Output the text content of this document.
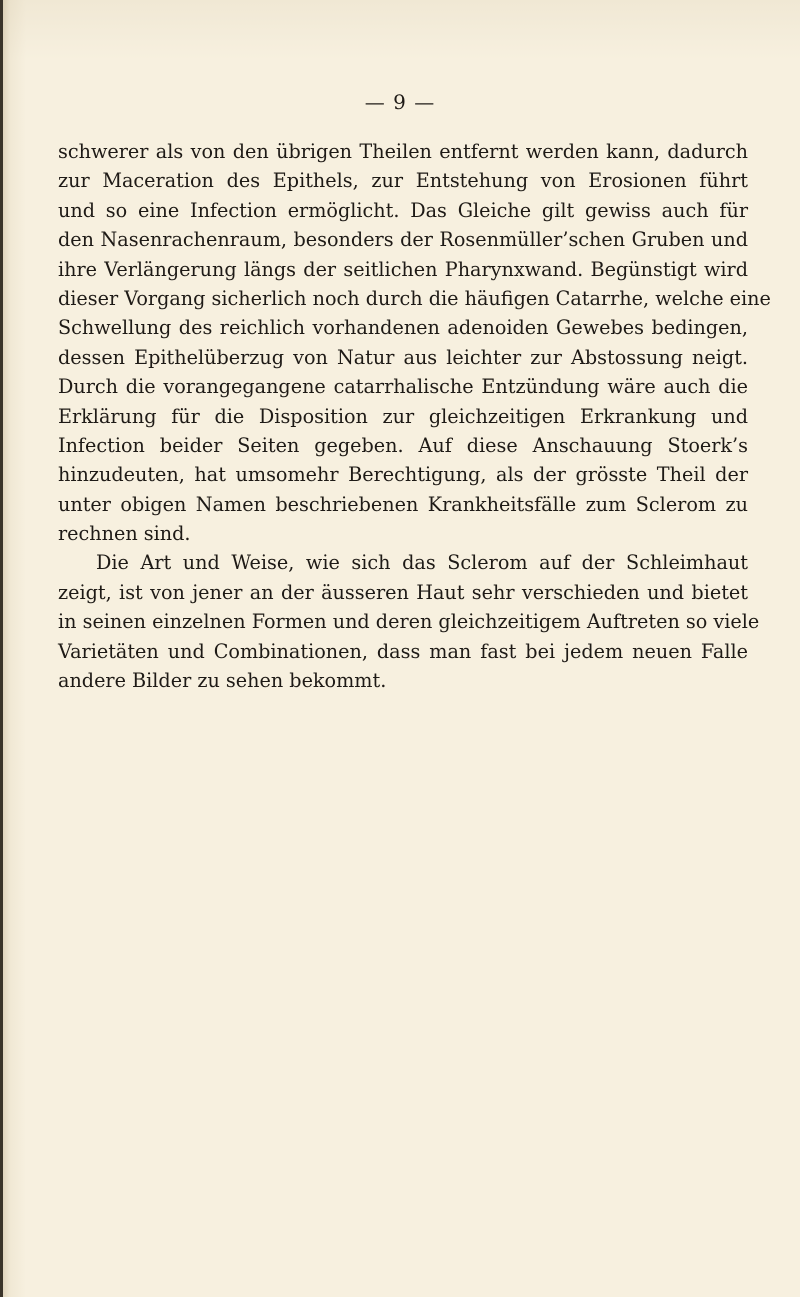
— 9 —
schwerer als von den übrigen Theilen entfernt werden kann, dadurch
zur Maceration des Epithels, zur Entstehung von Erosionen führt
und so eine Infection ermöglicht. Das Gleiche gilt gewiss auch für
den Nasenrachenraum, besonders der Rosenmüller’schen Gruben und
ihre Verlängerung längs der seitlichen Pharynxwand. Begünstigt wird
dieser Vorgang sicherlich noch durch die häufigen Catarrhe, welche eine
Schwellung des reichlich vorhandenen adenoiden Gewebes bedingen,
dessen Epithelüberzug von Natur aus leichter zur Abstossung neigt.
Durch die vorangegangene catarrhalische Entzündung wäre auch die
Erklärung für die Disposition zur gleichzeitigen Erkrankung und
Infection beider Seiten gegeben. Auf diese Anschauung Stoerk’s
hinzudeuten, hat umsomehr Berechtigung, als der grösste Theil der
unter obigen Namen beschriebenen Krankheitsfälle zum Sclerom zu
rechnen sind.
Die Art und Weise, wie sich das Sclerom auf der Schleimhaut
zeigt, ist von jener an der äusseren Haut sehr verschieden und bietet
in seinen einzelnen Formen und deren gleichzeitigem Auftreten so viele
Varietäten und Combinationen, dass man fast bei jedem neuen Falle
andere Bilder zu sehen bekommt.
